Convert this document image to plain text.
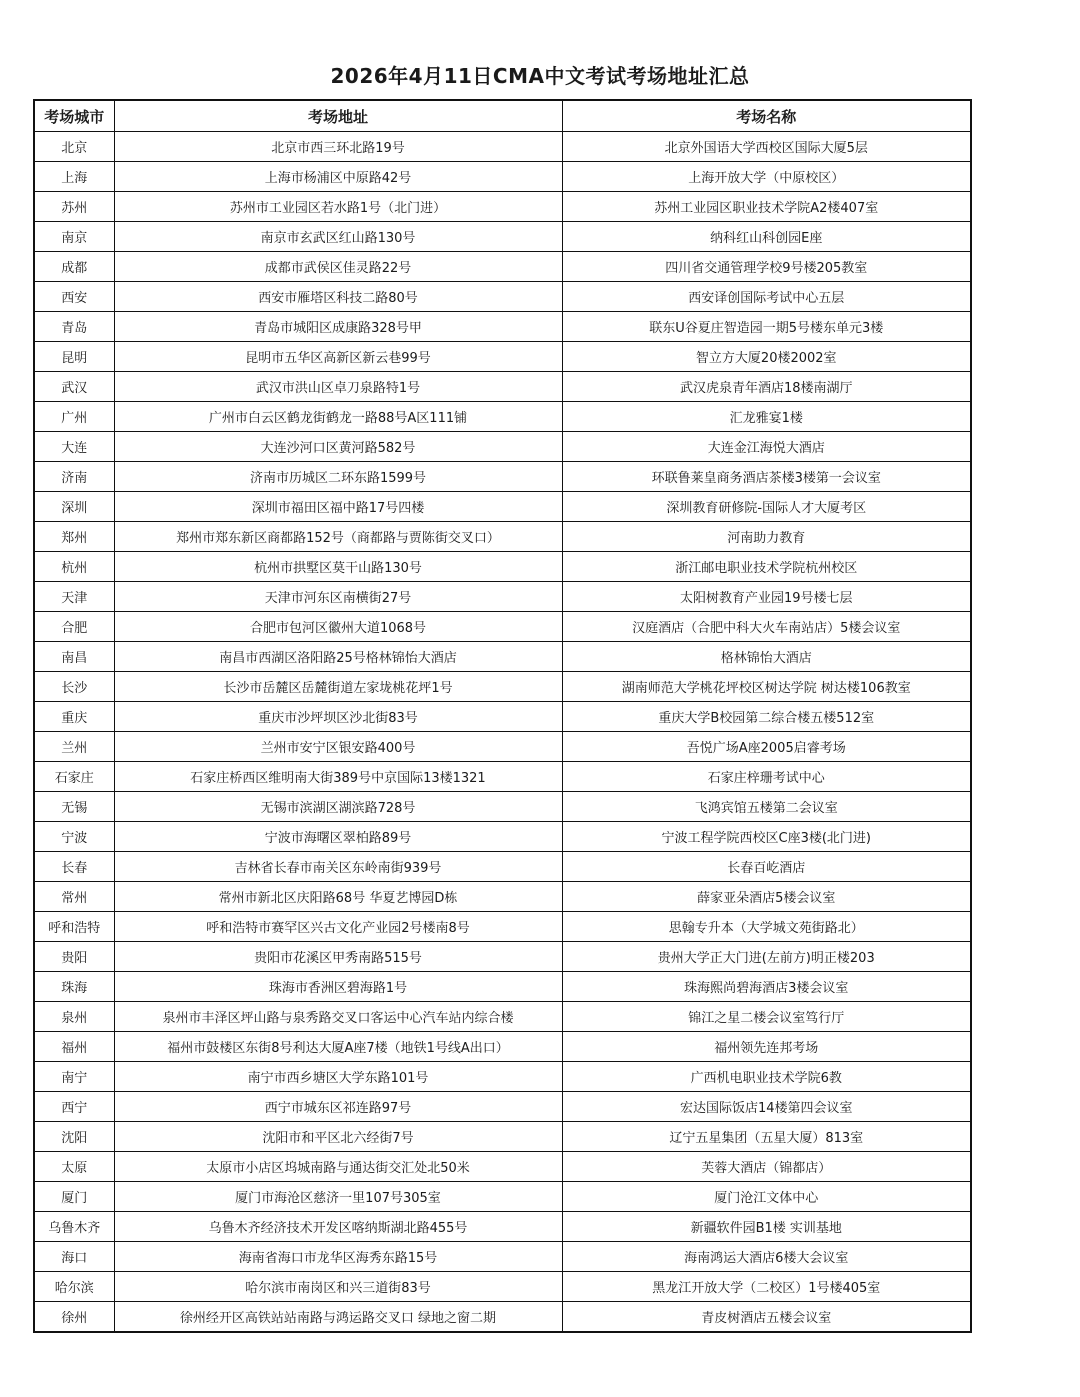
2026年4月11日CMA中文考试考场地址汇总
考场城市	考场地址	考场名称
北京	北京市西三环北路19号	北京外国语大学西校区国际大厦5层
上海	上海市杨浦区中原路42号	上海开放大学（中原校区）
苏州	苏州市工业园区若水路1号（北门进）	苏州工业园区职业技术学院A2楼407室
南京	南京市玄武区红山路130号	纳科红山科创园E座
成都	成都市武侯区佳灵路22号	四川省交通管理学校9号楼205教室
西安	西安市雁塔区科技二路80号	西安译创国际考试中心五层
青岛	青岛市城阳区成康路328号甲	联东U谷夏庄智造园一期5号楼东单元3楼
昆明	昆明市五华区高新区新云巷99号	智立方大厦20楼2002室
武汉	武汉市洪山区卓刀泉路特1号	武汉虎泉青年酒店18楼南湖厅
广州	广州市白云区鹤龙街鹤龙一路88号A区111铺	汇龙雅宴1楼
大连	大连沙河口区黄河路582号	大连金江海悦大酒店
济南	济南市历城区二环东路1599号	环联鲁莱皇商务酒店茶楼3楼第一会议室
深圳	深圳市福田区福中路17号四楼	深圳教育研修院-国际人才大厦考区
郑州	郑州市郑东新区商都路152号（商都路与贾陈街交叉口）	河南助力教育
杭州	杭州市拱墅区莫干山路130号	浙江邮电职业技术学院杭州校区
天津	天津市河东区南横街27号	太阳树教育产业园19号楼七层
合肥	合肥市包河区徽州大道1068号	汉庭酒店（合肥中科大火车南站店）5楼会议室
南昌	南昌市西湖区洛阳路25号格林锦怡大酒店	格林锦怡大酒店
长沙	长沙市岳麓区岳麓街道左家垅桃花坪1号	湖南师范大学桃花坪校区树达学院 树达楼106教室
重庆	重庆市沙坪坝区沙北街83号	重庆大学B校园第二综合楼五楼512室
兰州	兰州市安宁区银安路400号	吾悦广场A座2005启睿考场
石家庄	石家庄桥西区维明南大街389号中京国际13楼1321	石家庄梓珊考试中心
无锡	无锡市滨湖区湖滨路728号	飞鸿宾馆五楼第二会议室
宁波	宁波市海曙区翠柏路89号	宁波工程学院西校区C座3楼(北门进)
长春	吉林省长春市南关区东岭南街939号	长春百屹酒店
常州	常州市新北区庆阳路68号 华夏艺博园D栋	薛家亚朵酒店5楼会议室
呼和浩特	呼和浩特市赛罕区兴古文化产业园2号楼南8号	思翰专升本（大学城文苑街路北）
贵阳	贵阳市花溪区甲秀南路515号	贵州大学正大门进(左前方)明正楼203
珠海	珠海市香洲区碧海路1号	珠海熙尚碧海酒店3楼会议室
泉州	泉州市丰泽区坪山路与泉秀路交叉口客运中心汽车站内综合楼	锦江之星二楼会议室笃行厅
福州	福州市鼓楼区东街8号利达大厦A座7楼（地铁1号线A出口）	福州领先连邦考场
南宁	南宁市西乡塘区大学东路101号	广西机电职业技术学院6教
西宁	西宁市城东区祁连路97号	宏达国际饭店14楼第四会议室
沈阳	沈阳市和平区北六经街7号	辽宁五星集团（五星大厦）813室
太原	太原市小店区坞城南路与通达街交汇处北50米	芙蓉大酒店（锦都店）
厦门	厦门市海沧区慈济一里107号305室	厦门沧江文体中心
乌鲁木齐	乌鲁木齐经济技术开发区喀纳斯湖北路455号	新疆软件园B1楼 实训基地
海口	海南省海口市龙华区海秀东路15号	海南鸿运大酒店6楼大会议室
哈尔滨	哈尔滨市南岗区和兴三道街83号	黑龙江开放大学（二校区）1号楼405室
徐州	徐州经开区高铁站站南路与鸿运路交叉口 绿地之窗二期	青皮树酒店五楼会议室
